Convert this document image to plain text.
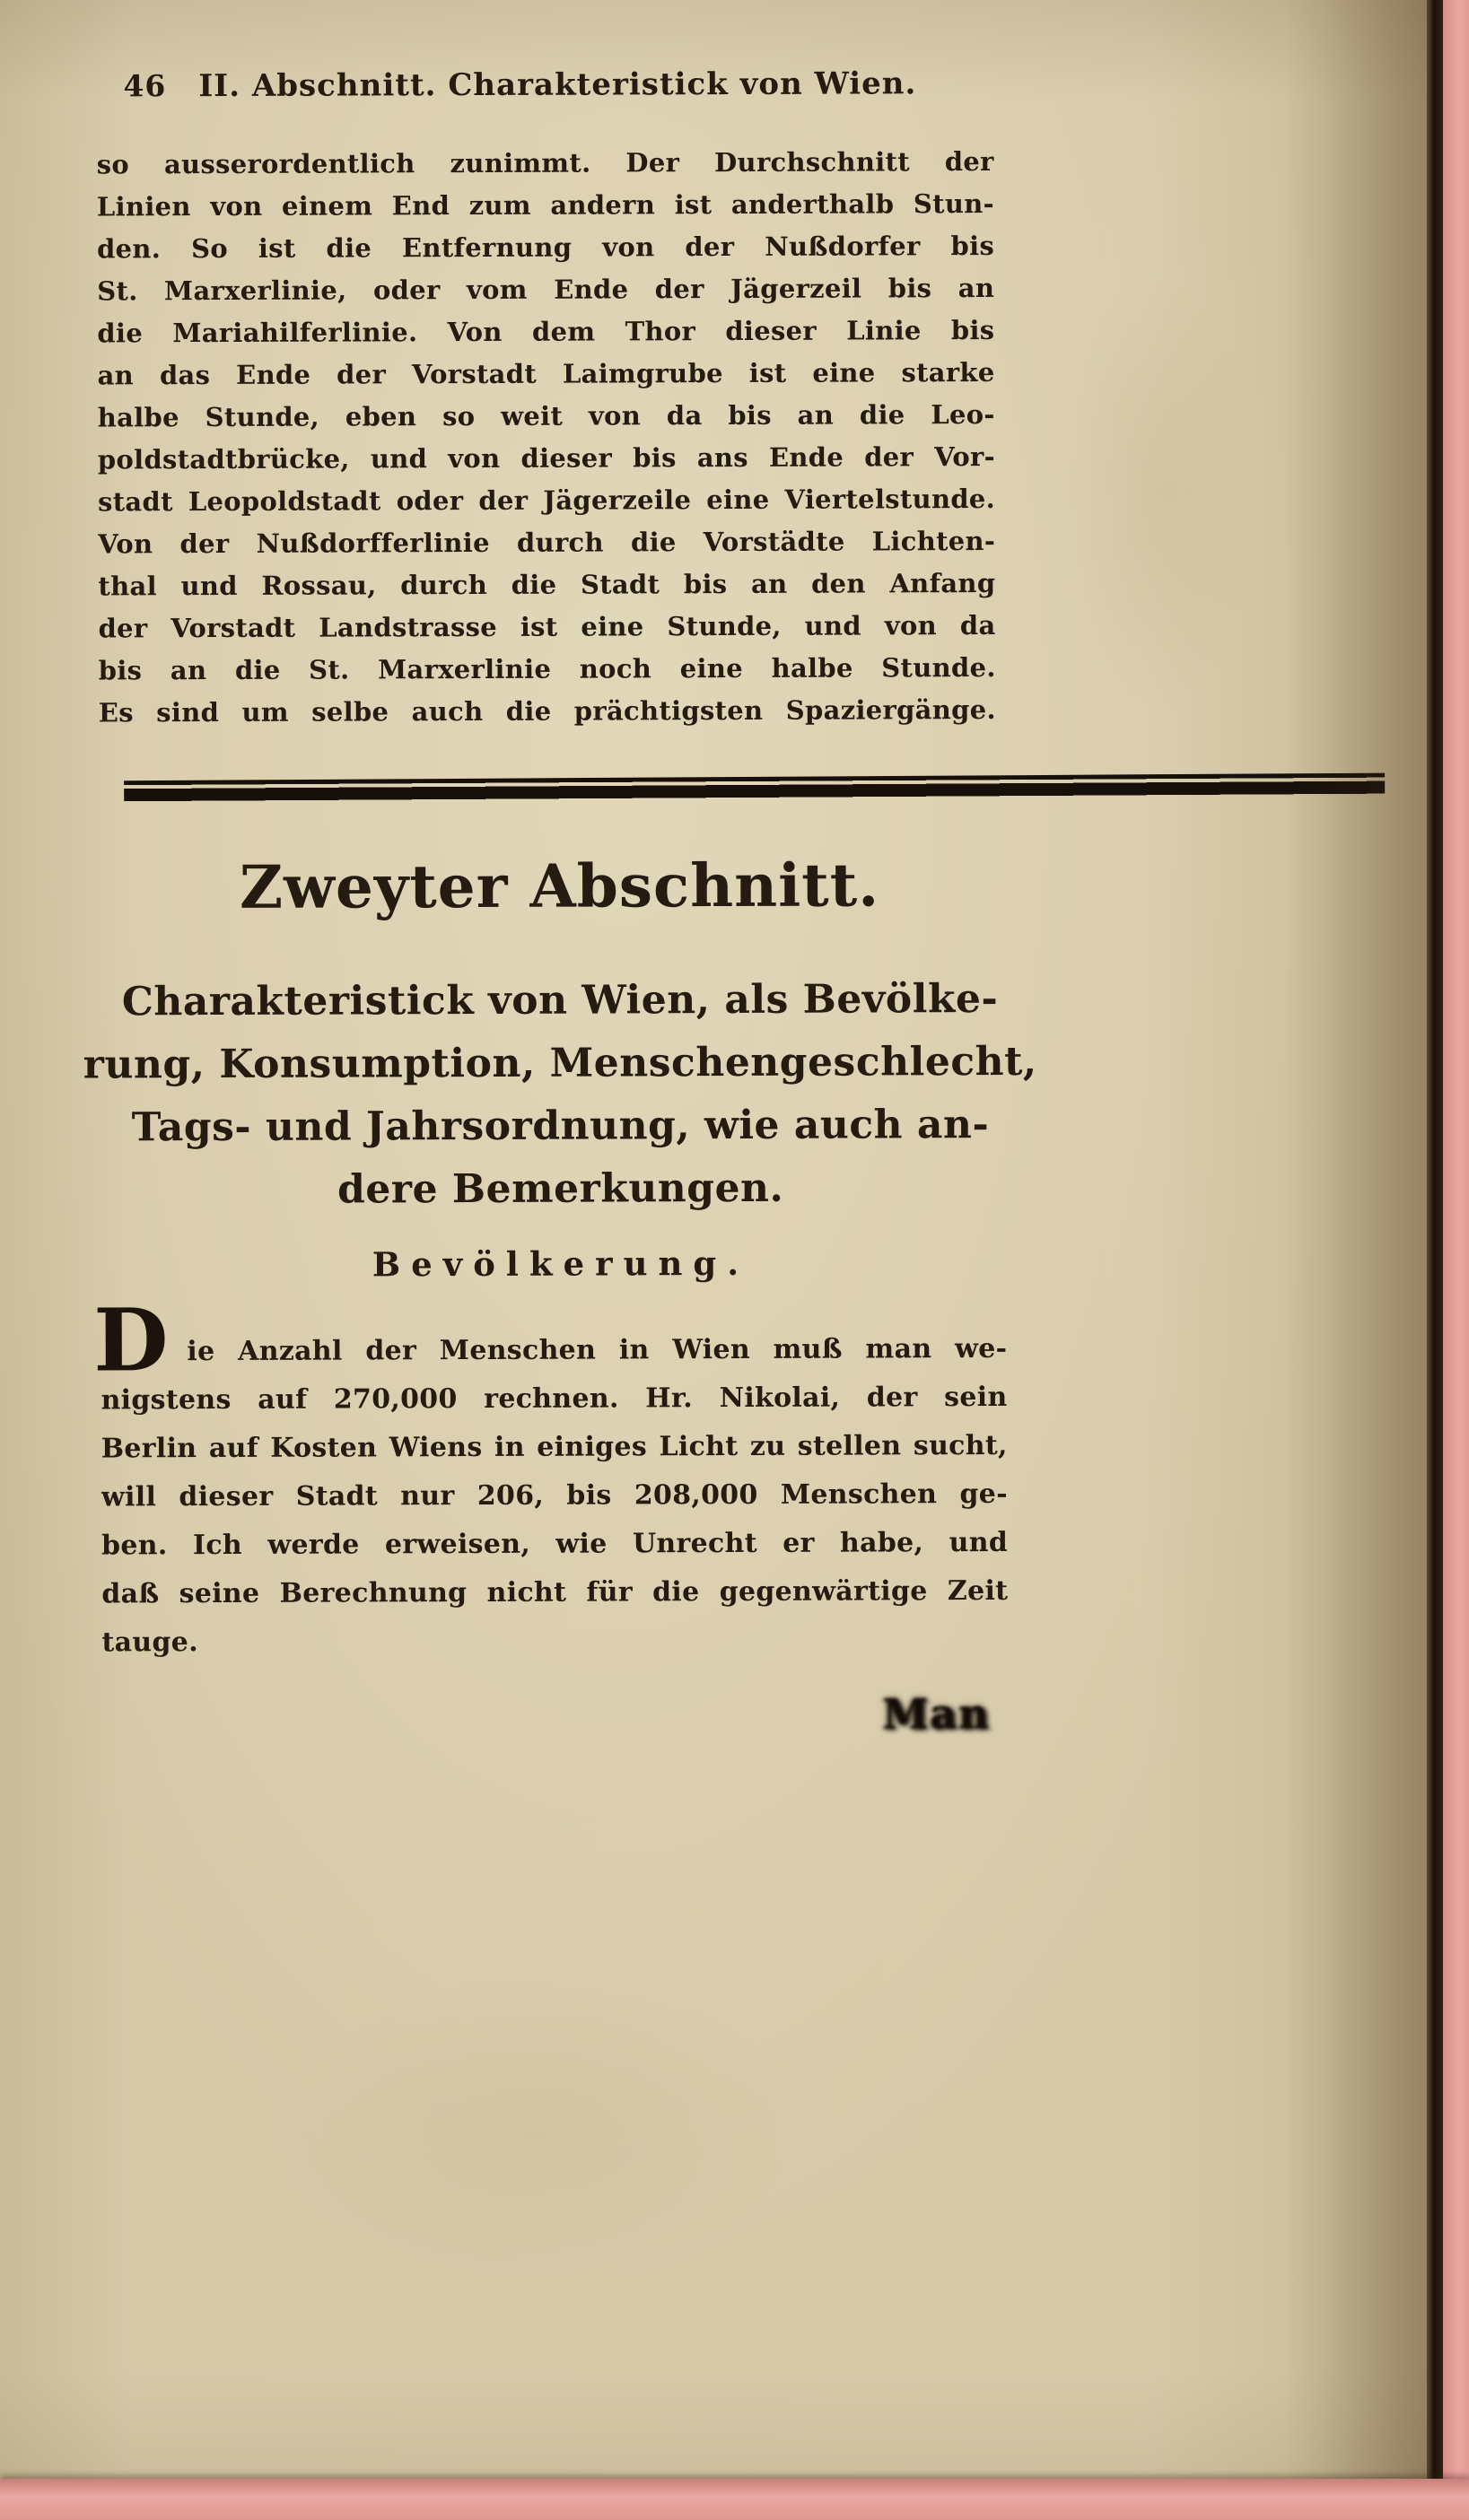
46 II. Abschnitt. Charakteristick von Wien.
so ausserordentlich zunimmt. Der Durchschnitt der
Linien von einem End zum andern ist anderthalb Stun-
den. So ist die Entfernung von der Nußdorfer bis
St. Marxerlinie, oder vom Ende der Jägerzeil bis an
die Mariahilferlinie. Von dem Thor dieser Linie bis
an das Ende der Vorstadt Laimgrube ist eine starke
halbe Stunde, eben so weit von da bis an die Leo-
poldstadtbrücke, und von dieser bis ans Ende der Vor-
stadt Leopoldstadt oder der Jägerzeile eine Viertelstunde.
Von der Nußdorfferlinie durch die Vorstädte Lichten-
thal und Rossau, durch die Stadt bis an den Anfang
der Vorstadt Landstrasse ist eine Stunde, und von da
bis an die St. Marxerlinie noch eine halbe Stunde.
Es sind um selbe auch die prächtigsten Spaziergänge.
Zweyter Abschnitt.
Charakteristick von Wien, als Bevölke-
rung, Konsumption, Menschengeschlecht,
Tags- und Jahrsordnung, wie auch an-
dere Bemerkungen.
Bevölkerung.
D ie Anzahl der Menschen in Wien muß man we-
nigstens auf 270,000 rechnen. Hr. Nikolai, der sein
Berlin auf Kosten Wiens in einiges Licht zu stellen sucht,
will dieser Stadt nur 206, bis 208,000 Menschen ge-
ben. Ich werde erweisen, wie Unrecht er habe, und
daß seine Berechnung nicht für die gegenwärtige Zeit
tauge.
Man
